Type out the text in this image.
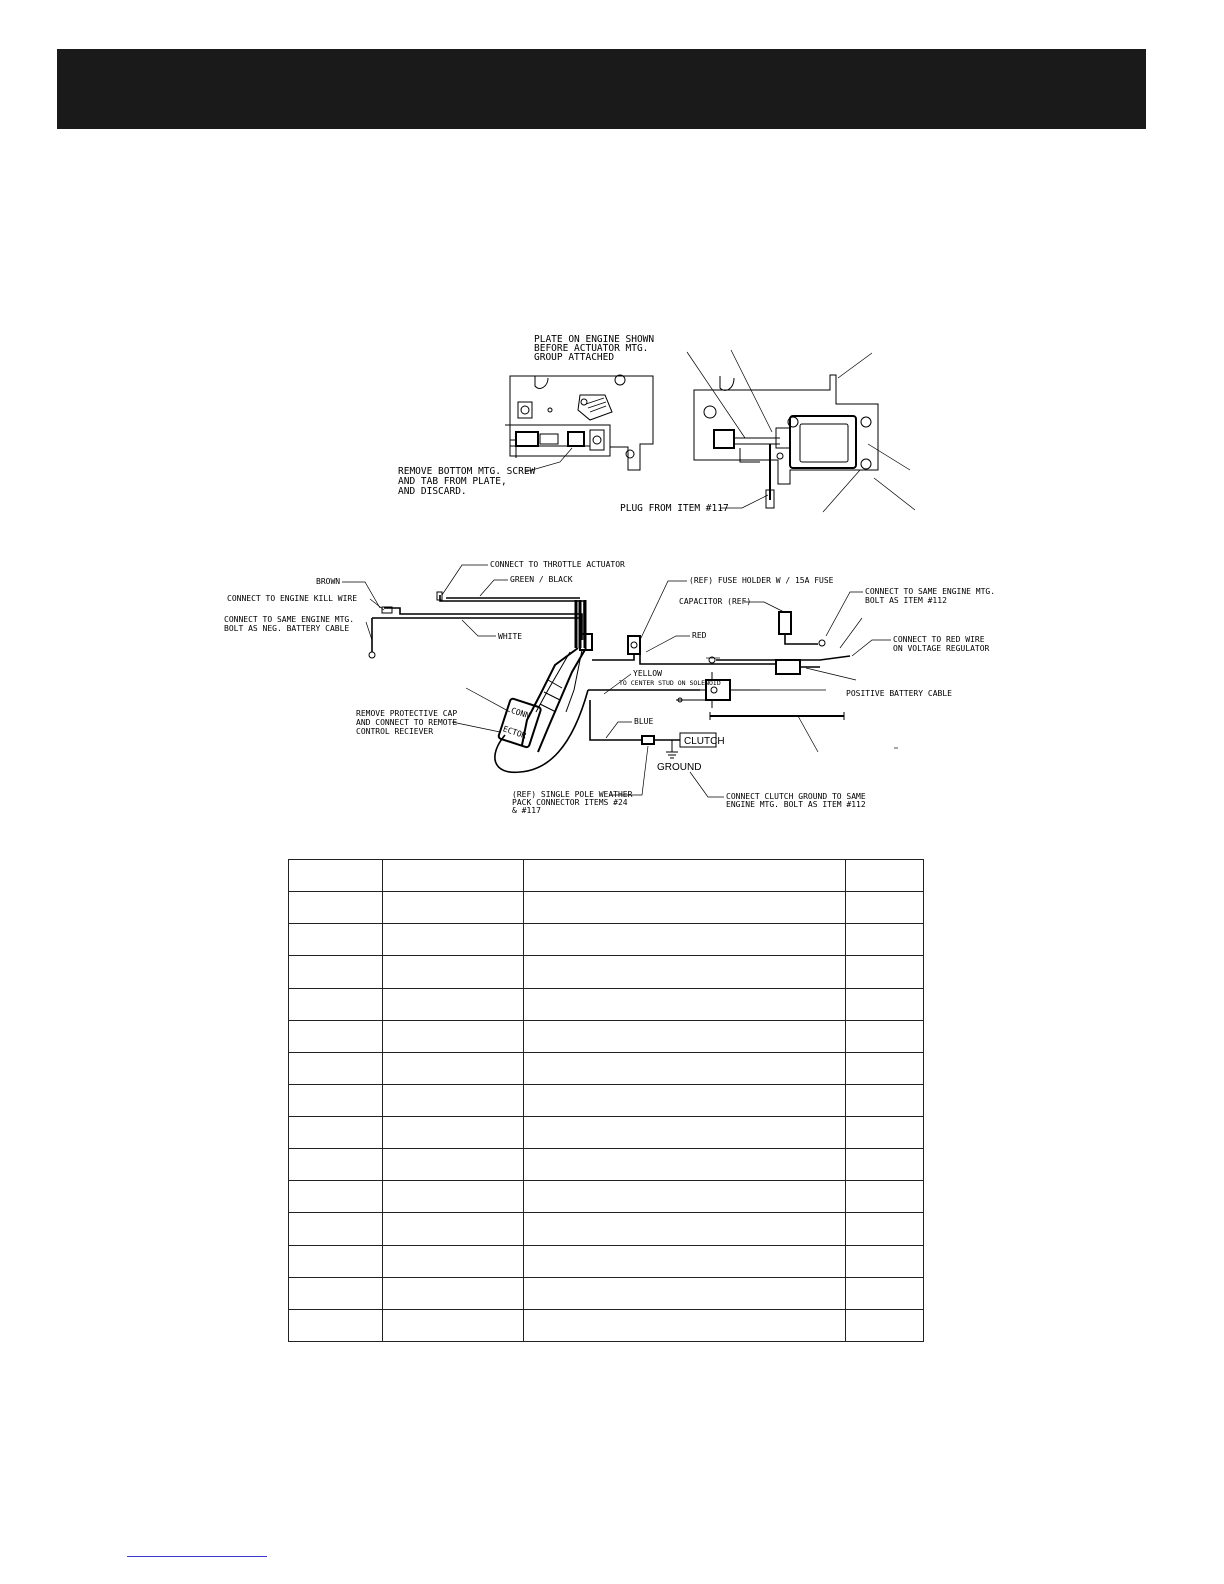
PLATE ON ENGINE SHOWN
BEFORE ACTUATOR MTG.
GROUP ATTACHED
REMOVE BOTTOM MTG. SCREW
AND TAB FROM PLATE,
AND DISCARD.
PLUG FROM ITEM #117
CONNECT TO THROTTLE ACTUATOR
GREEN / BLACK
BROWN
CONNECT TO ENGINE KILL WIRE
CONNECT TO SAME ENGINE MTG.
BOLT AS NEG. BATTERY CABLE
WHITE
CONN
ECTOR
REMOVE PROTECTIVE CAP
AND CONNECT TO REMOTE
CONTROL RECIEVER
(REF) FUSE HOLDER W / 15A FUSE
RED
CAPACITOR (REF)
CONNECT TO SAME ENGINE MTG.
BOLT AS ITEM #112
CONNECT TO RED WIRE
ON VOLTAGE REGULATOR
YELLOW
TO CENTER STUD ON SOLENOID
POSITIVE BATTERY CABLE
BLUE
CLUTCH
GROUND
(REF) SINGLE POLE WEATHER
PACK CONNECTOR ITEMS #24
& #117
CONNECT CLUTCH GROUND TO SAME
ENGINE MTG. BOLT AS ITEM #112
